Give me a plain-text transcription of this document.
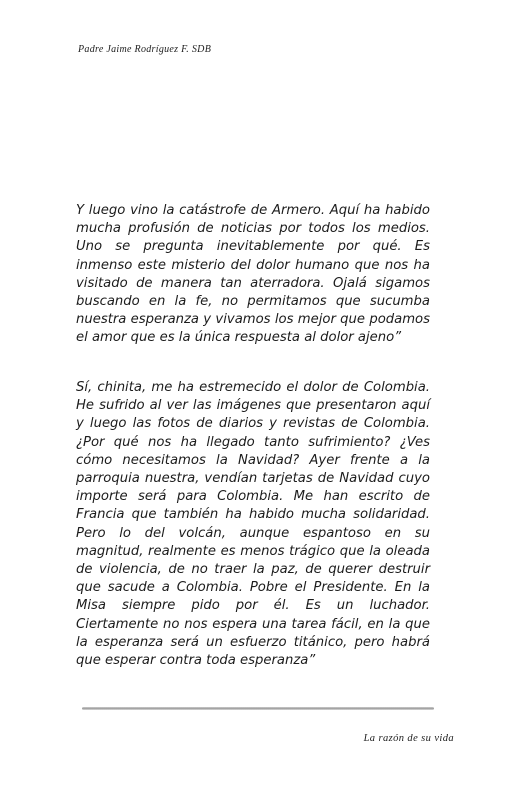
Padre Jaime Rodríguez F. SDB

Y luego vino la catástrofe de Armero. Aquí ha habido mucha profusión de noticias por todos los medios. Uno se pregunta inevitablemente por qué. Es inmenso este misterio del dolor humano que nos ha visitado de manera tan aterradora. Ojalá sigamos buscando en la fe, no permitamos que sucumba nuestra esperanza y vivamos los mejor que podamos el amor que es la única respuesta al dolor ajeno”

Sí, chinita, me ha estremecido el dolor de Colombia. He sufrido al ver las imágenes que presentaron aquí y luego las fotos de diarios y revistas de Colombia. ¿Por qué nos ha llegado tanto sufrimiento? ¿Ves cómo necesitamos la Navidad? Ayer frente a la parroquia nuestra, vendían tarjetas de Navidad cuyo importe será para Colombia. Me han escrito de Francia que también ha habido mucha solidaridad. Pero lo del volcán, aunque espantoso en su magnitud, realmente es menos trágico que la oleada de violencia, de no traer la paz, de querer destruir que sacude a Colombia. Pobre el Presidente. En la Misa siempre pido por él. Es un luchador. Ciertamente no nos espera una tarea fácil, en la que la esperanza será un esfuerzo titánico, pero habrá que esperar contra toda esperanza”

La razón de su vida
